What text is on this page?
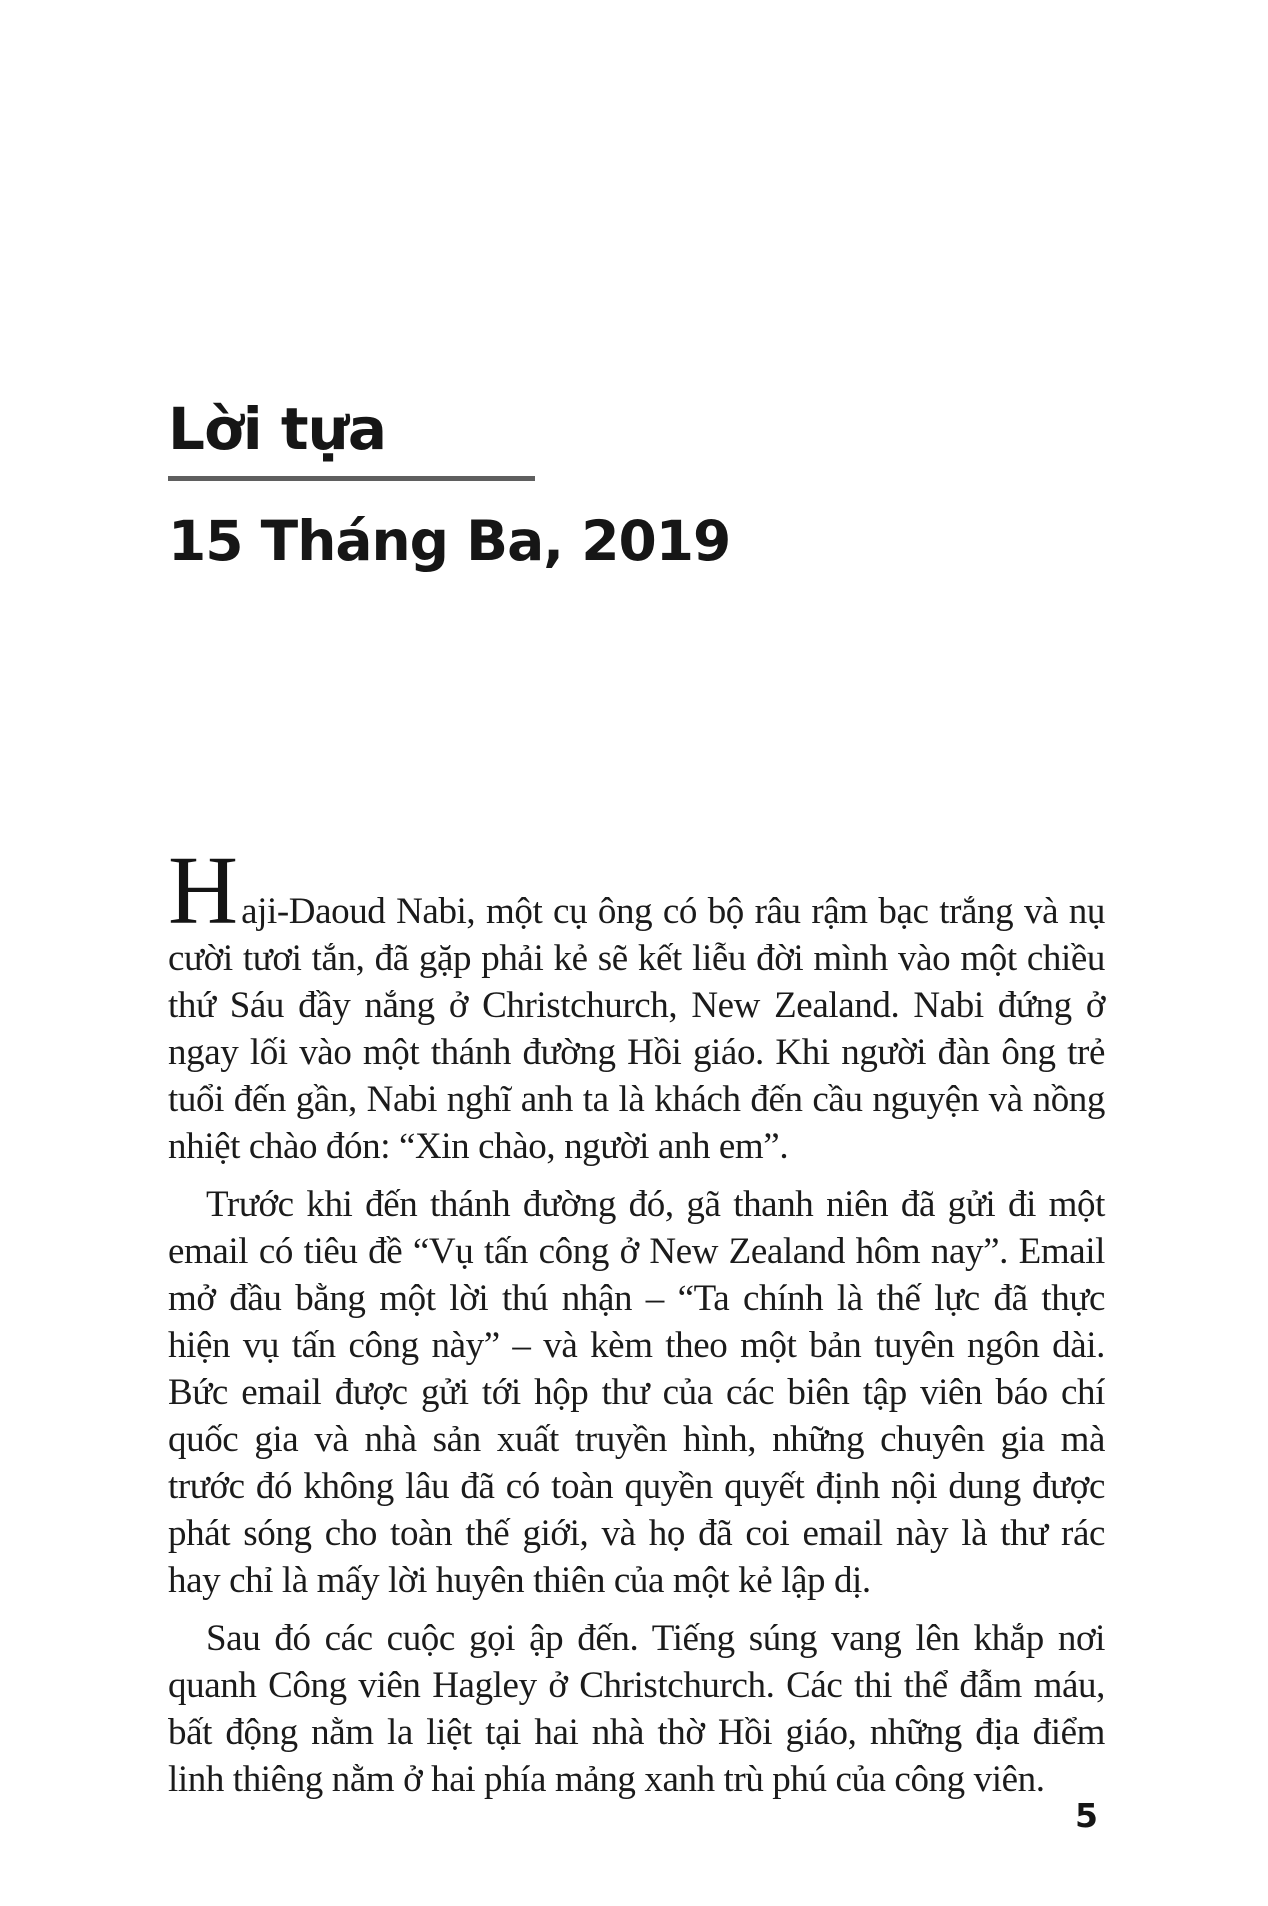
Lời tựa
15 Tháng Ba, 2019

Haji-Daoud Nabi, một cụ ông có bộ râu rậm bạc trắng và nụ cười tươi tắn, đã gặp phải kẻ sẽ kết liễu đời mình vào một chiều thứ Sáu đầy nắng ở Christchurch, New Zealand. Nabi đứng ở ngay lối vào một thánh đường Hồi giáo. Khi người đàn ông trẻ tuổi đến gần, Nabi nghĩ anh ta là khách đến cầu nguyện và nồng nhiệt chào đón: “Xin chào, người anh em”.

Trước khi đến thánh đường đó, gã thanh niên đã gửi đi một email có tiêu đề “Vụ tấn công ở New Zealand hôm nay”. Email mở đầu bằng một lời thú nhận – “Ta chính là thế lực đã thực hiện vụ tấn công này” – và kèm theo một bản tuyên ngôn dài. Bức email được gửi tới hộp thư của các biên tập viên báo chí quốc gia và nhà sản xuất truyền hình, những chuyên gia mà trước đó không lâu đã có toàn quyền quyết định nội dung được phát sóng cho toàn thế giới, và họ đã coi email này là thư rác hay chỉ là mấy lời huyên thiên của một kẻ lập dị.

Sau đó các cuộc gọi ập đến. Tiếng súng vang lên khắp nơi quanh Công viên Hagley ở Christchurch. Các thi thể đẫm máu, bất động nằm la liệt tại hai nhà thờ Hồi giáo, những địa điểm linh thiêng nằm ở hai phía mảng xanh trù phú của công viên.

5
